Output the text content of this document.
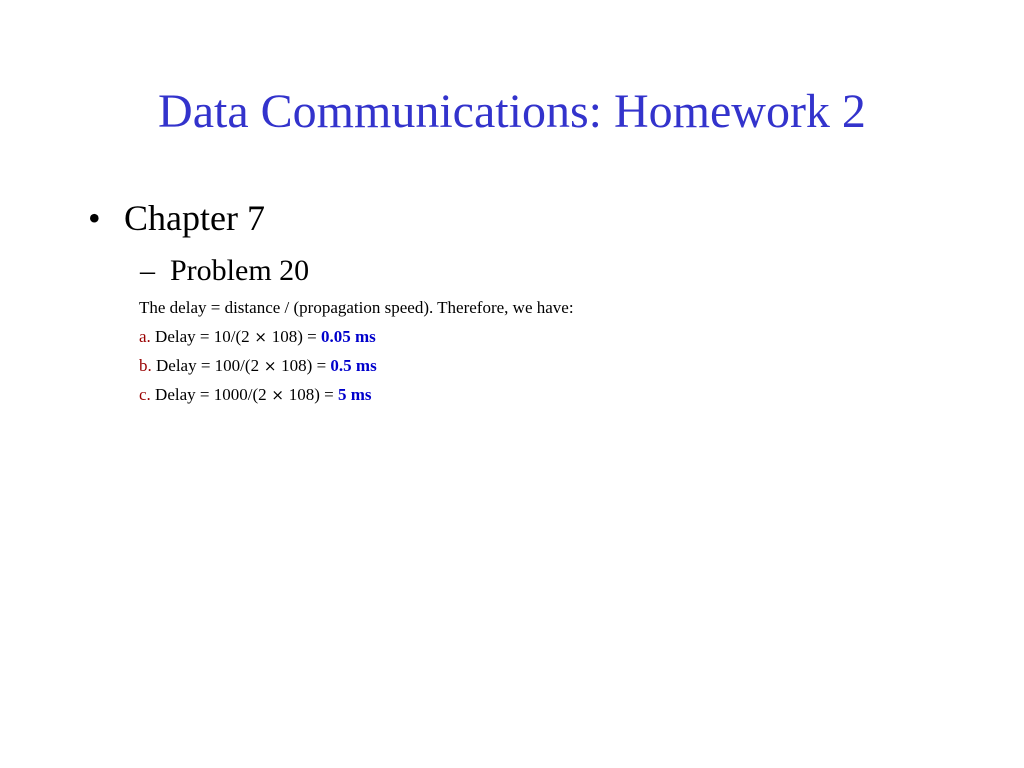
Data Communications: Homework 2
• Chapter 7
– Problem 20
The delay = distance / (propagation speed). Therefore, we have:
a. Delay = 10/(2 × 108) = 0.05 ms
b. Delay = 100/(2 × 108) = 0.5 ms
c. Delay = 1000/(2 × 108) = 5 ms
